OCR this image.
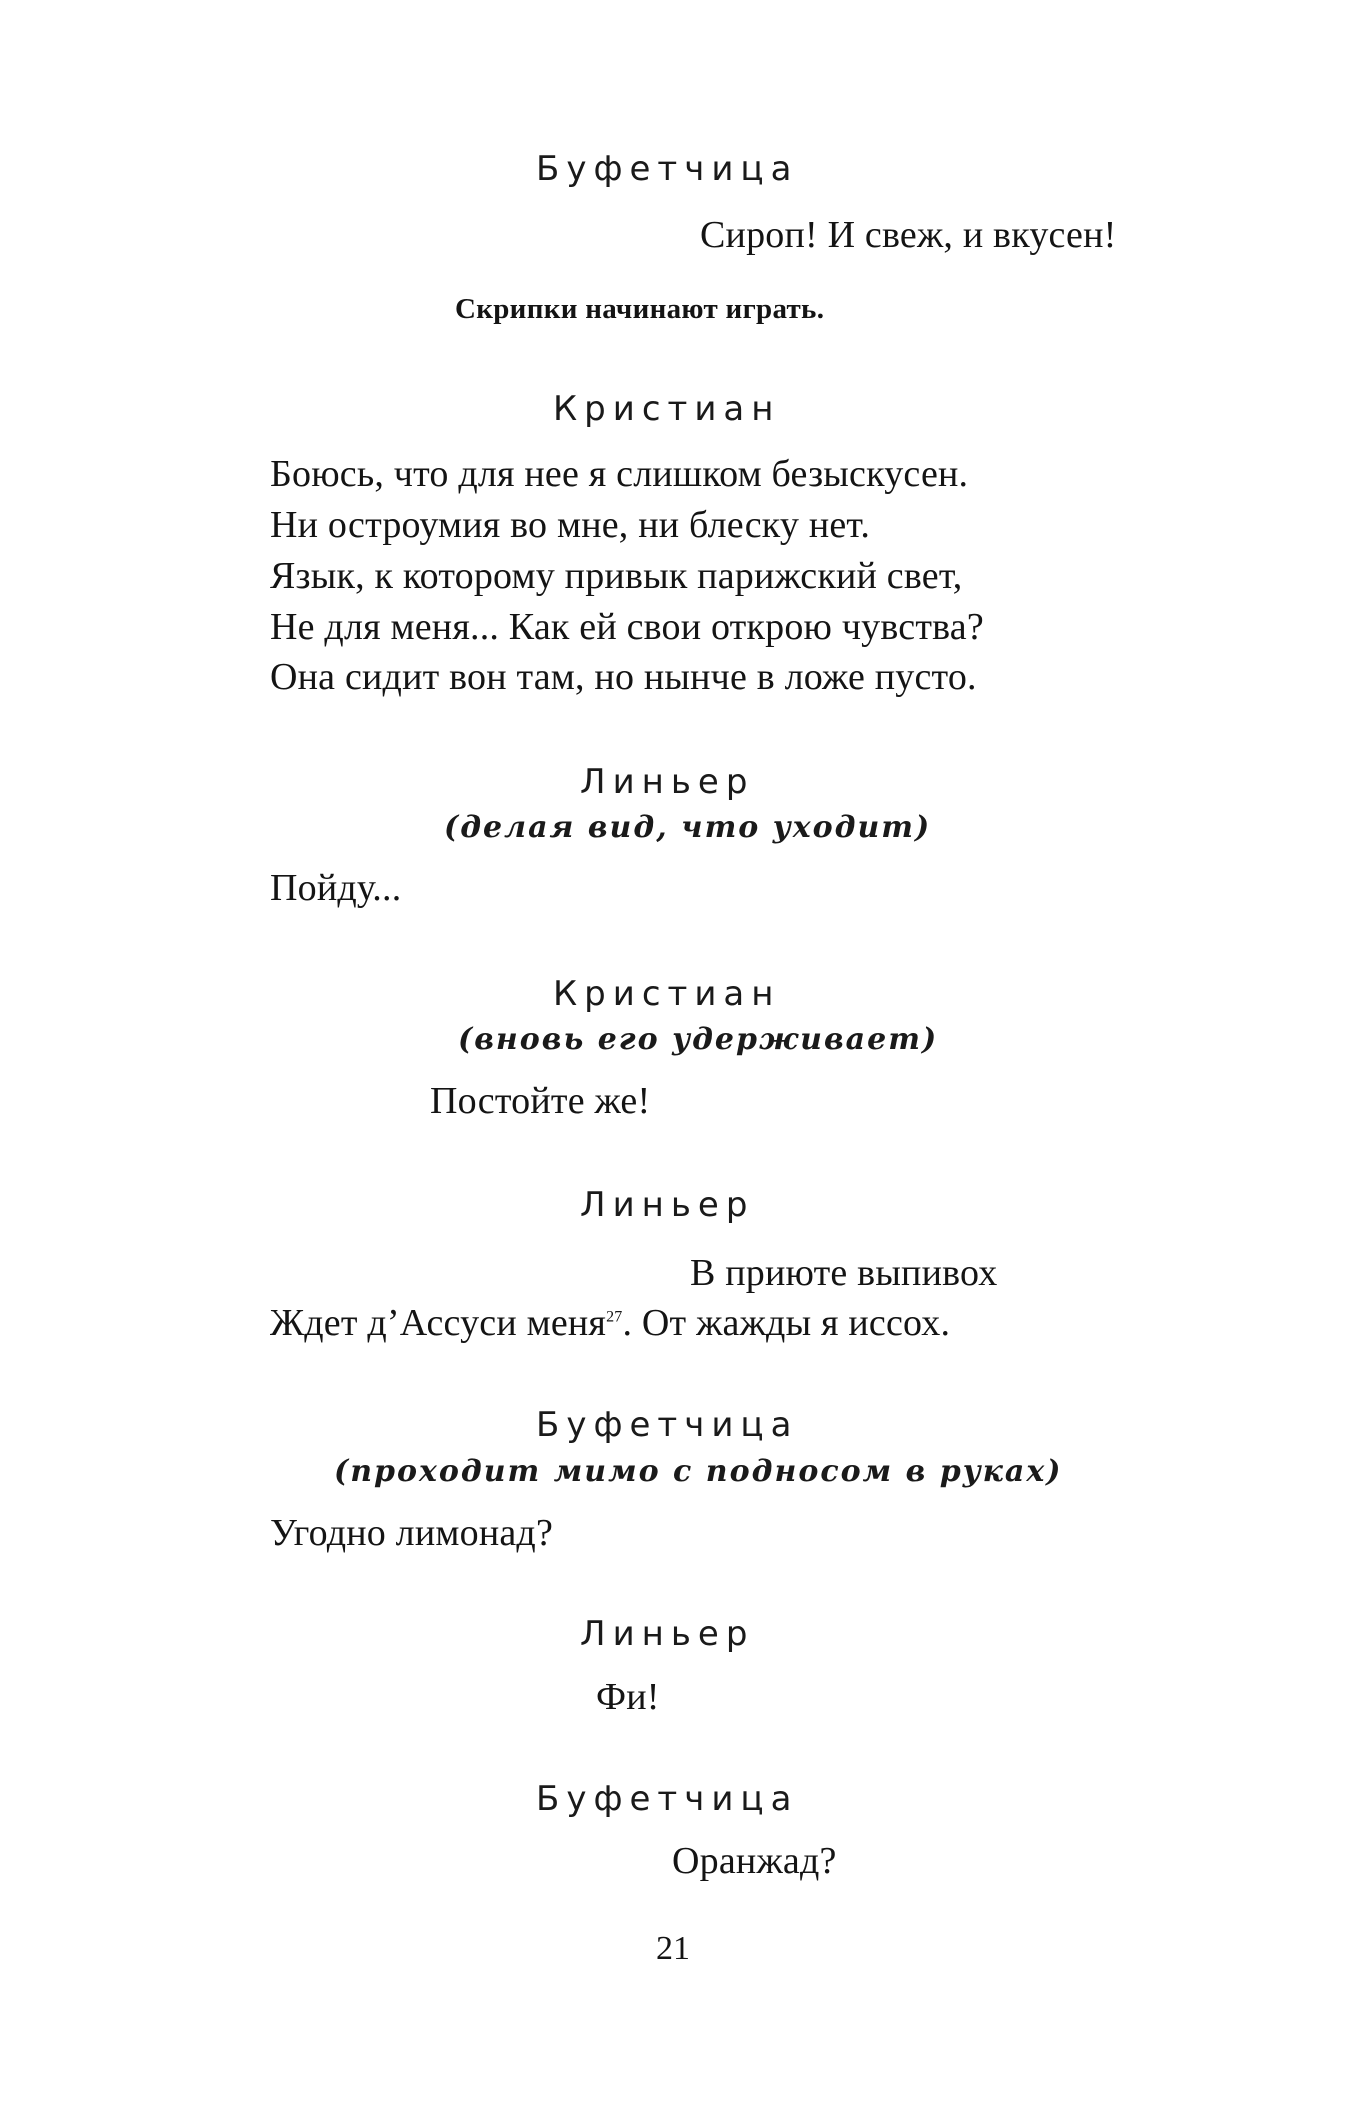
Буфетчица
Сироп! И свеж, и вкусен!
Скрипки начинают играть.
Кристиан
Боюсь, что для нее я слишком безыскусен.
Ни остроумия во мне, ни блеску нет.
Язык, к которому привык парижский свет,
Не для меня... Как ей свои открою чувства?
Она сидит вон там, но нынче в ложе пусто.
Линьер
(делая вид, что уходит)
Пойду...
Кристиан
(вновь его удерживает)
Постойте же!
Линьер
В приюте выпивох
Ждет д’Ассуси меня$^{27}$. От жажды я иссох.
Буфетчица
(проходит мимо с подносом в руках)
Угодно лимонад?
Линьер
Фи!
Буфетчица
Оранжад?
21
